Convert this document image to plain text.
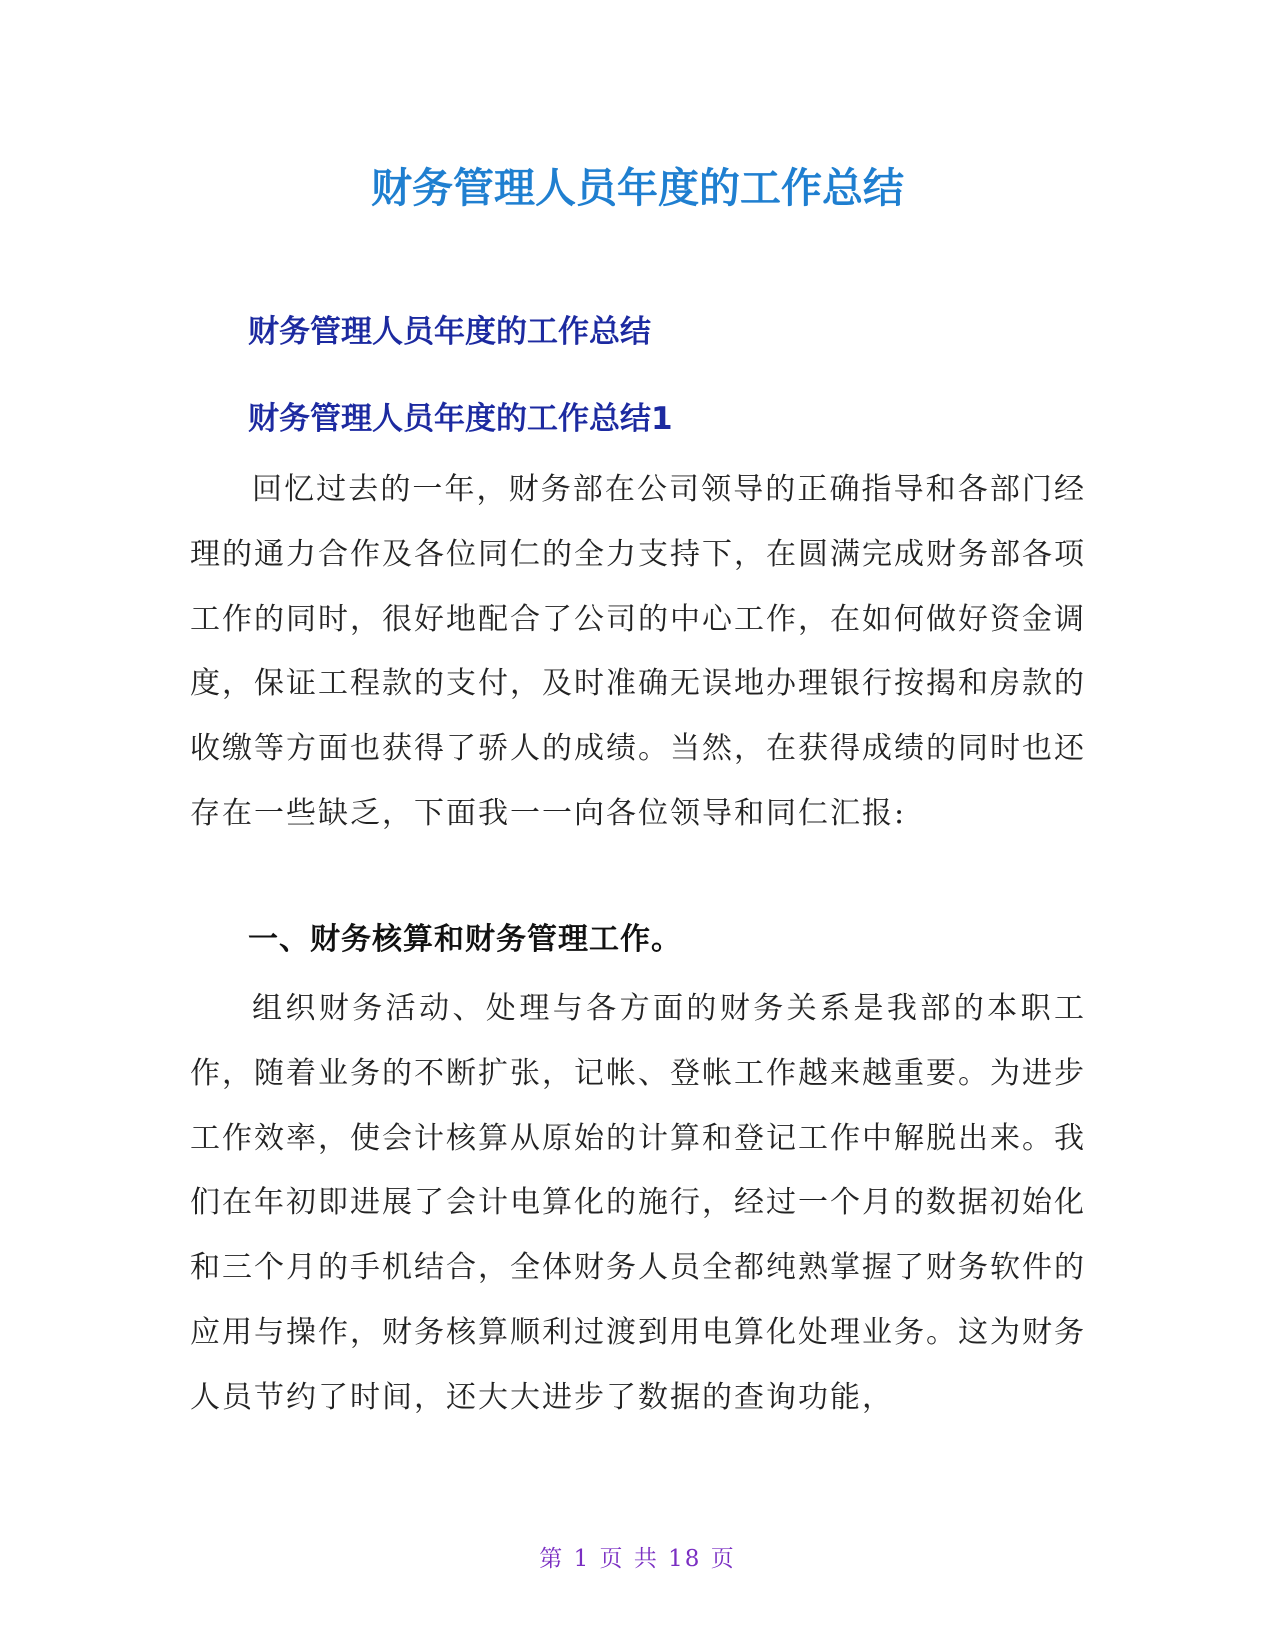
财务管理人员年度的工作总结
财务管理人员年度的工作总结
财务管理人员年度的工作总结1

回忆过去的一年，财务部在公司领导的正确指导和各部门经理的通力合作及各位同仁的全力支持下，在圆满完成财务部各项工作的同时，很好地配合了公司的中心工作，在如何做好资金调度，保证工程款的支付，及时准确无误地办理银行按揭和房款的收缴等方面也获得了骄人的成绩。当然，在获得成绩的同时也还存在一些缺乏，下面我一一向各位领导和同仁汇报:

一、财务核算和财务管理工作。

组织财务活动、处理与各方面的财务关系是我部的本职工作，随着业务的不断扩张，记帐、登帐工作越来越重要。为进步工作效率，使会计核算从原始的计算和登记工作中解脱出来。我们在年初即进展了会计电算化的施行，经过一个月的数据初始化和三个月的手机结合，全体财务人员全都纯熟掌握了财务软件的应用与操作，财务核算顺利过渡到用电算化处理业务。这为财务人员节约了时间，还大大进步了数据的查询功能，

第 1 页 共 18 页
